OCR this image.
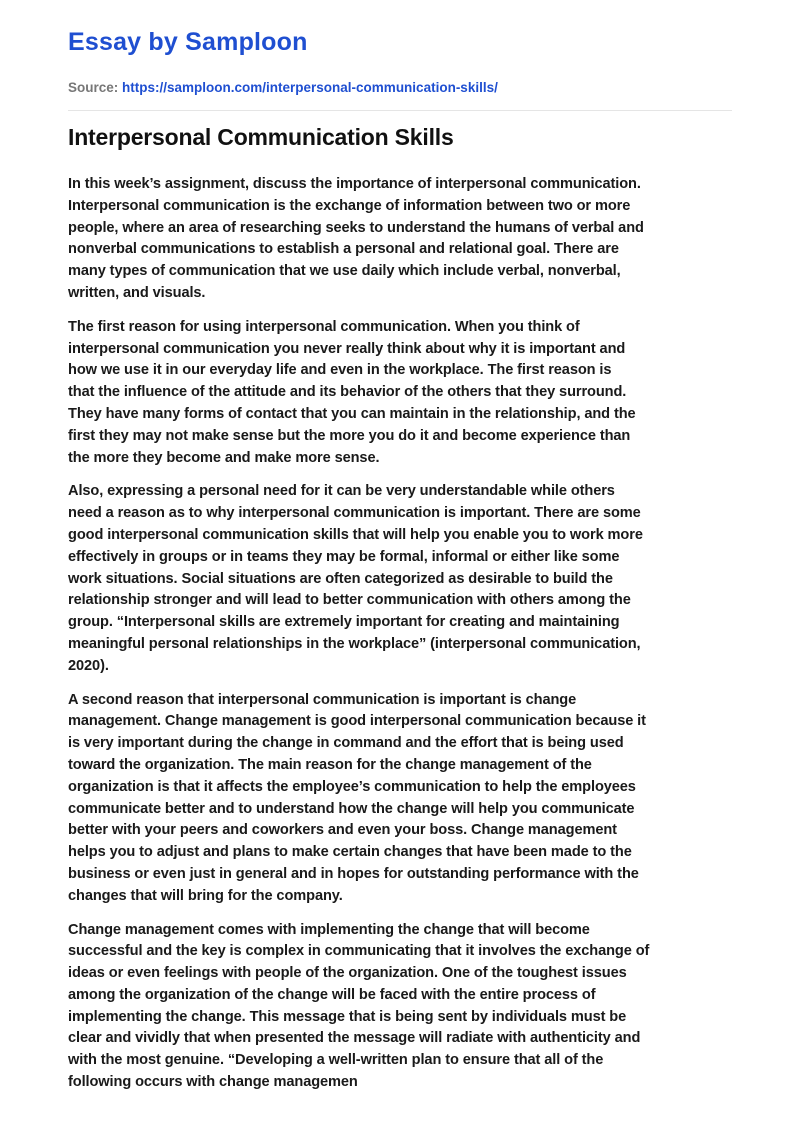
Essay by Samploon
Source: https://samploon.com/interpersonal-communication-skills/
Interpersonal Communication Skills

In this week’s assignment, discuss the importance of interpersonal communication.
Interpersonal communication is the exchange of information between two or more
people, where an area of researching seeks to understand the humans of verbal and
nonverbal communications to establish a personal and relational goal. There are
many types of communication that we use daily which include verbal, nonverbal,
written, and visuals.

The first reason for using interpersonal communication. When you think of
interpersonal communication you never really think about why it is important and
how we use it in our everyday life and even in the workplace. The first reason is
that the influence of the attitude and its behavior of the others that they surround.
They have many forms of contact that you can maintain in the relationship, and the
first they may not make sense but the more you do it and become experience than
the more they become and make more sense.

Also, expressing a personal need for it can be very understandable while others
need a reason as to why interpersonal communication is important. There are some
good interpersonal communication skills that will help you enable you to work more
effectively in groups or in teams they may be formal, informal or either like some
work situations. Social situations are often categorized as desirable to build the
relationship stronger and will lead to better communication with others among the
group. “Interpersonal skills are extremely important for creating and maintaining
meaningful personal relationships in the workplace” (interpersonal communication,
2020).

A second reason that interpersonal communication is important is change
management. Change management is good interpersonal communication because it
is very important during the change in command and the effort that is being used
toward the organization. The main reason for the change management of the
organization is that it affects the employee’s communication to help the employees
communicate better and to understand how the change will help you communicate
better with your peers and coworkers and even your boss. Change management
helps you to adjust and plans to make certain changes that have been made to the
business or even just in general and in hopes for outstanding performance with the
changes that will bring for the company.

Change management comes with implementing the change that will become
successful and the key is complex in communicating that it involves the exchange of
ideas or even feelings with people of the organization. One of the toughest issues
among the organization of the change will be faced with the entire process of
implementing the change. This message that is being sent by individuals must be
clear and vividly that when presented the message will radiate with authenticity and
with the most genuine. “Developing a well-written plan to ensure that all of the
following occurs with change managemen
